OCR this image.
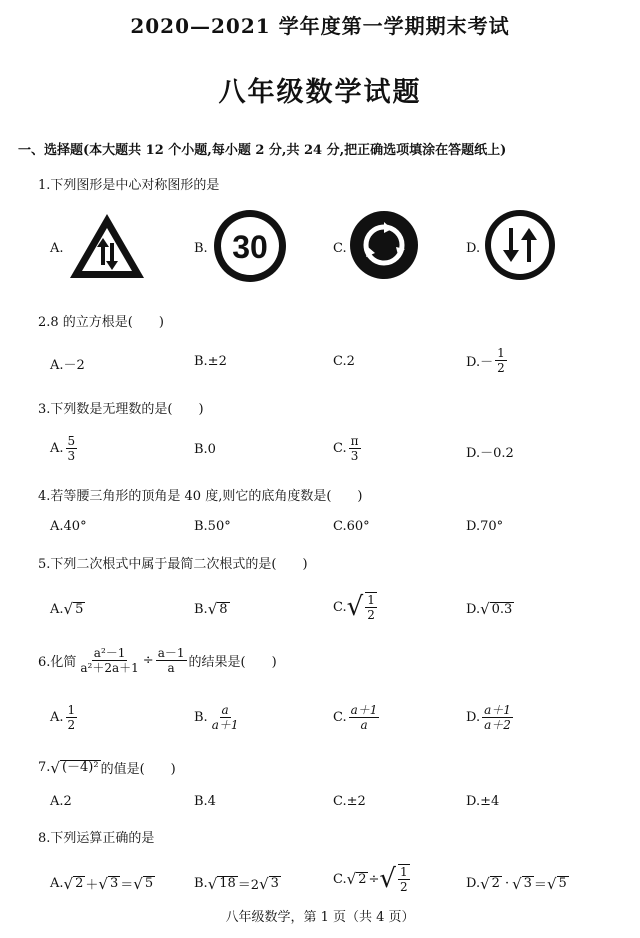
2020—2021 学年度第一学期期末考试
八年级数学试题
一、选择题(本大题共 12 个小题,每小题 2 分,共 24 分,把正确选项填涂在答题纸上)
1.下列图形是中心对称图形的是
A.	B. 30	C.	D.
2.8 的立方根是(　　)
A.－2	B.±2	C.2	$D.- \frac{1}{2}$
3.下列数是无理数的是(　　)
A. $\frac{5}{3}$	B.0	C. $\frac{\pi}{3}$	D.－0.2
4.若等腰三角形的顶角是 40 度,则它的底角度数是(　　)
A.40°	B.50°	C.60°	D.70°
5.下列二次根式中属于最简二次根式的是(　　)
A. √ 5	B. √ 8	C. √ $\frac{1}{2}$	D. √ 0.3
6.化简 $\frac{\text{a²－1}}{\text{a²＋2a＋1}} \div \frac{a-1}{a}$ 的结果是(　　)
A. $\frac{1}{2}$	B. $\frac{a}{a+1}$	C. $\frac{a+1}{a}$	D. $\frac{a+1}{a+2}$
7. √ (－4)² 的值是(　　)
A.2	B.4	C.±2	D.±4
8.下列运算正确的是
A. √ 2 ＋ √ 3 ＝ √ 5	B. √ 18 ＝2 √ 3	C. √ 2 ÷ √ $\frac{1}{2}$	D. √ 2 · √ 3 ＝ √ 5
八年级数学，第 1 页（共 4 页）
